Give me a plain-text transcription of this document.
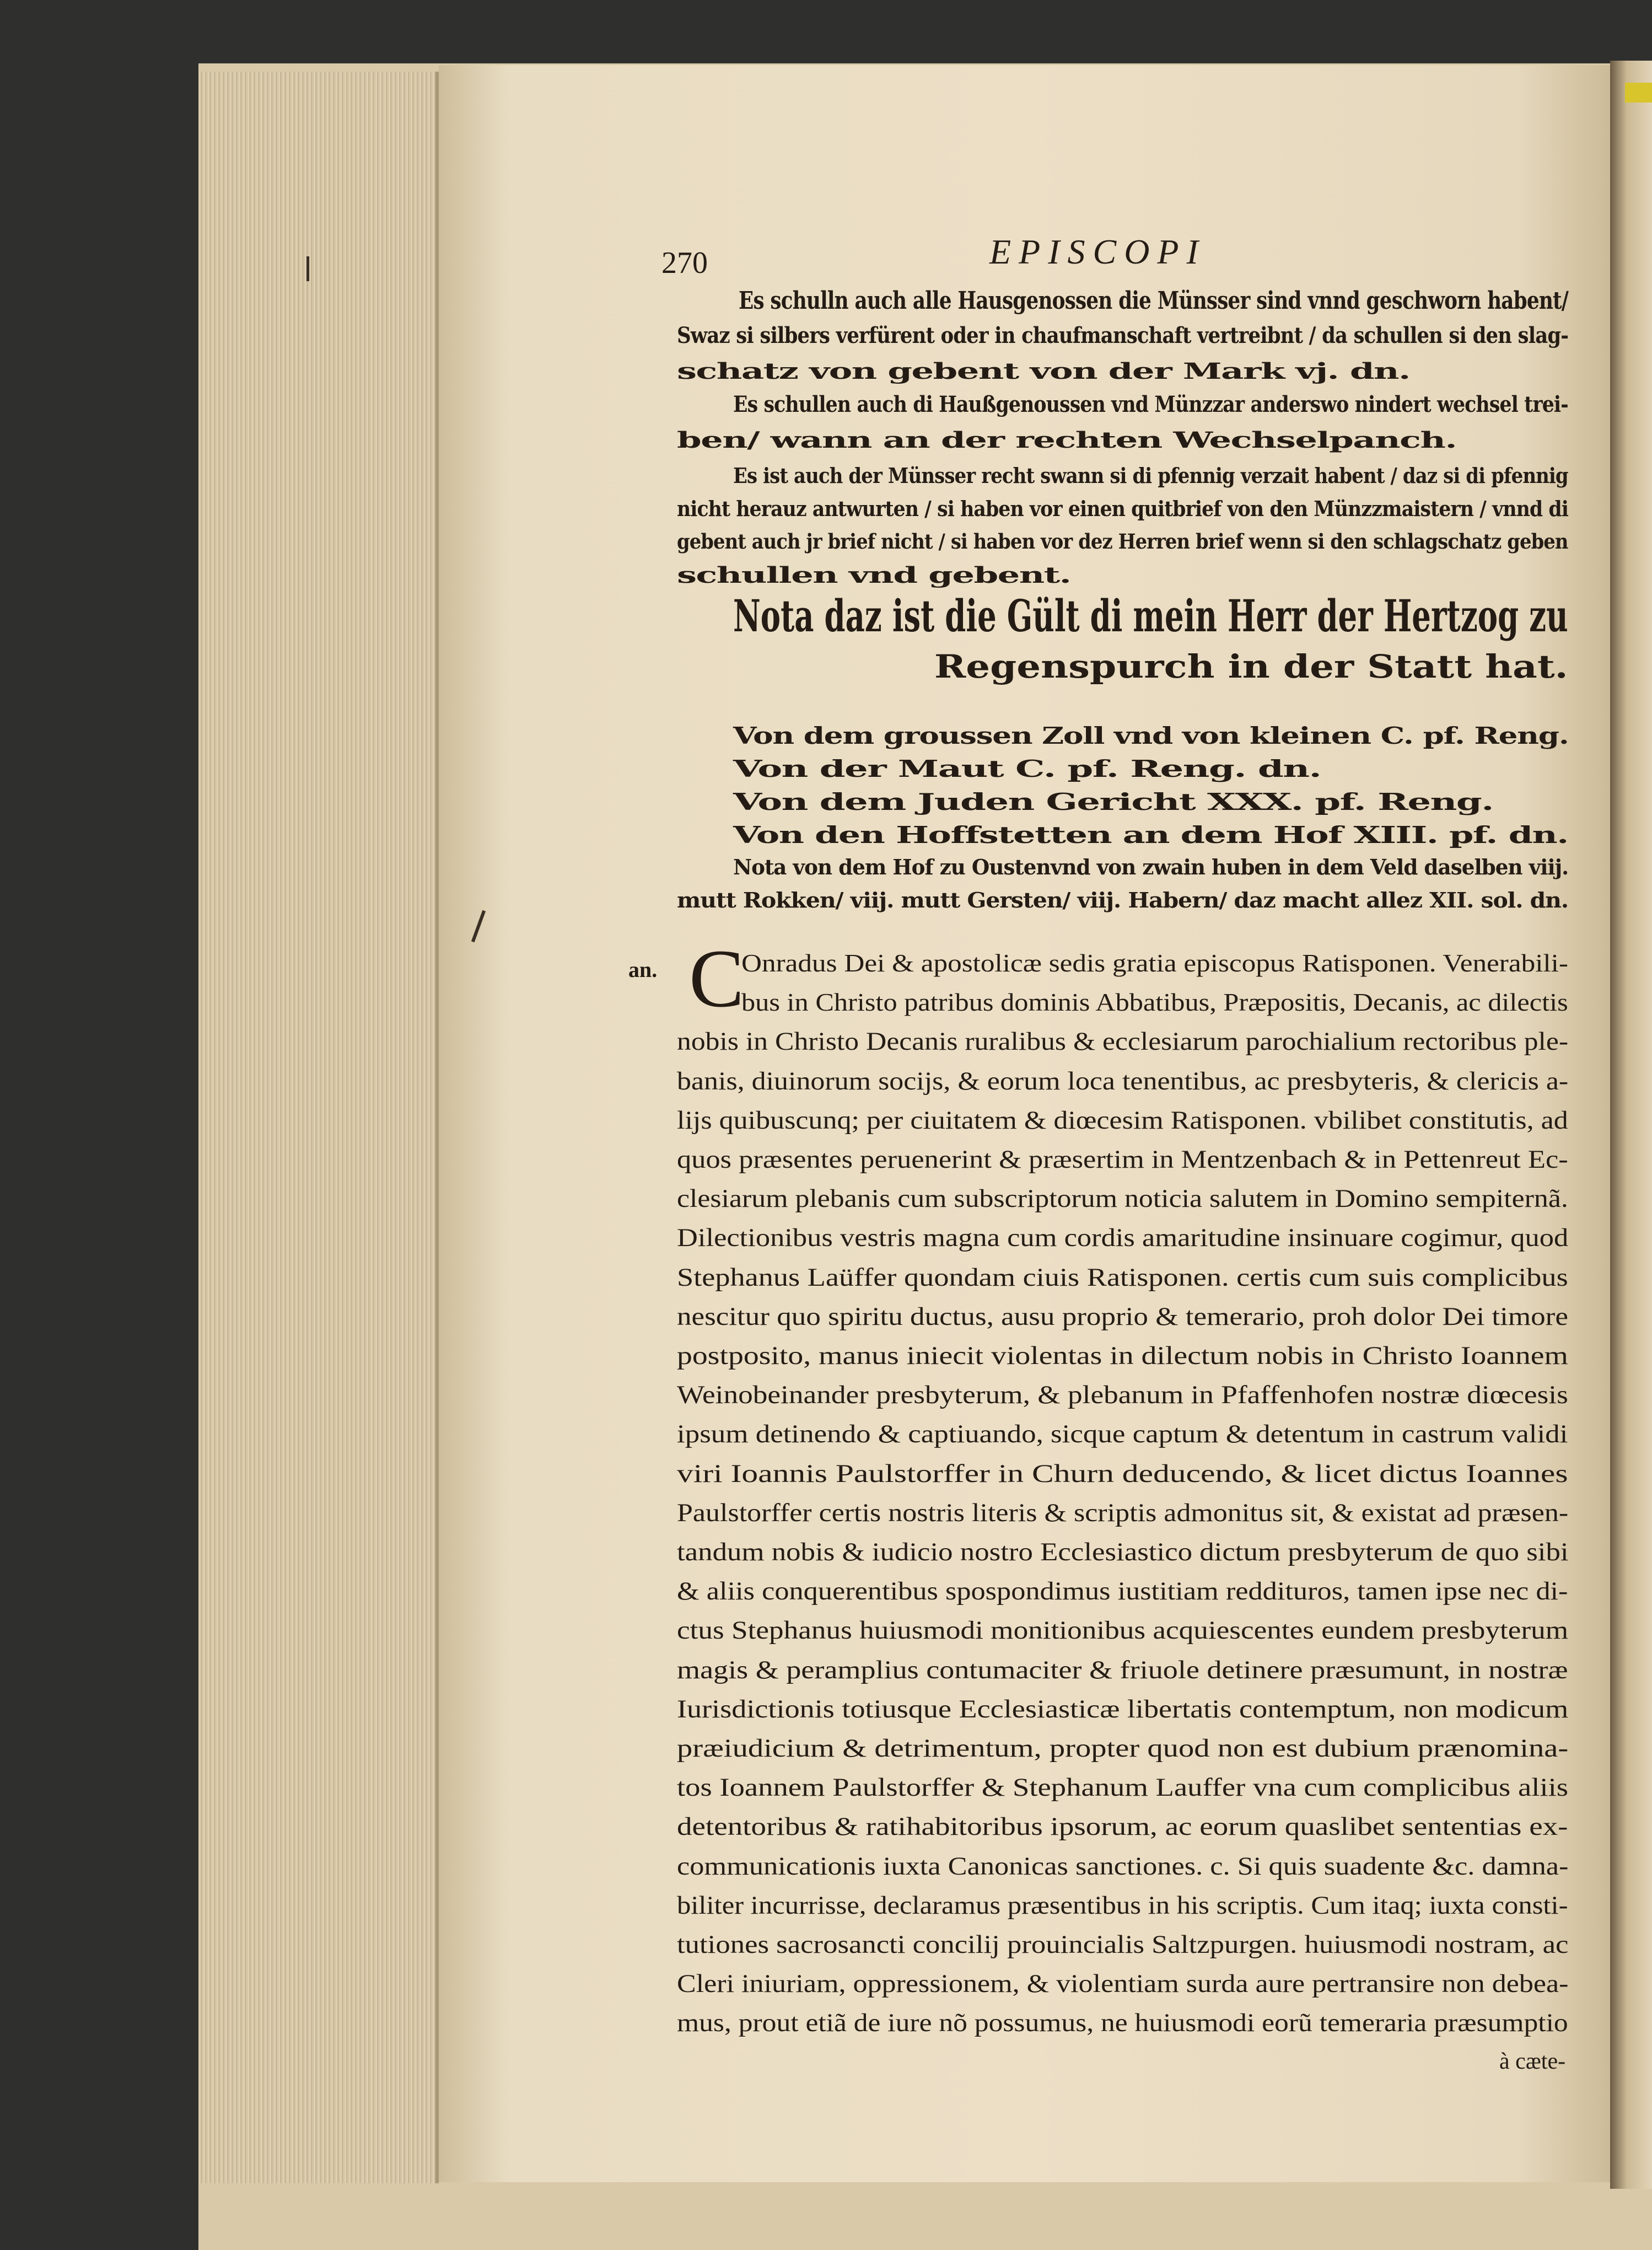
270	EPISCOPI
Es schulln auch alle Hausgenossen die Münsser sind vnnd geschworn habent/
Swaz si silbers verfürent oder in chaufmanschaft vertreibnt / da schullen si den slag-
schatz von gebent von der Mark vj. dn.
Es schullen auch di Haußgenoussen vnd Münzzar anderswo nindert wechsel trei-
ben/ wann an der rechten Wechselpanch.
Es ist auch der Münsser recht swann si di pfennig verzait habent / daz si di pfennig
nicht herauz antwurten / si haben vor einen quitbrief von den Münzzmaistern / vnnd di
gebent auch jr brief nicht / si haben vor dez Herren brief wenn si den schlagschatz geben
schullen vnd gebent.
Nota daz ist die Gült di mein Herr der Hertzog zu
Regenspurch in der Statt hat.
Von dem groussen Zoll vnd von kleinen C. pf. Reng.
Von der Maut C. pf. Reng. dn.
Von dem Juden Gericht XXX. pf. Reng.
Von den Hoffstetten an dem Hof XIII. pf. dn.
Nota von dem Hof zu Oustenvnd von zwain huben in dem Veld daselben viij.
mutt Rokken/ viij. mutt Gersten/ viij. Habern/ daz macht allez XII. sol. dn.
an. C
Onradus Dei & apostolicæ sedis gratia episcopus Ratisponen. Venerabili-
bus in Christo patribus dominis Abbatibus, Præpositis, Decanis, ac dilectis
nobis in Christo Decanis ruralibus & ecclesiarum parochialium rectoribus ple-
banis, diuinorum socijs, & eorum loca tenentibus, ac presbyteris, & clericis a-
lijs quibuscunq; per ciuitatem & diœcesim Ratisponen. vbilibet constitutis, ad
quos præsentes peruenerint & præsertim in Mentzenbach & in Pettenreut Ec-
clesiarum plebanis cum subscriptorum noticia salutem in Domino sempiternã.
Dilectionibus vestris magna cum cordis amaritudine insinuare cogimur, quod
Stephanus Laüffer quondam ciuis Ratisponen. certis cum suis complicibus
nescitur quo spiritu ductus, ausu proprio & temerario, proh dolor Dei timore
postposito, manus iniecit violentas in dilectum nobis in Christo Ioannem
Weinobeinander presbyterum, & plebanum in Pfaffenhofen nostræ diœcesis
ipsum detinendo & captiuando, sicque captum & detentum in castrum validi
viri Ioannis Paulstorffer in Churn deducendo, & licet dictus Ioannes
Paulstorffer certis nostris literis & scriptis admonitus sit, & existat ad præsen-
tandum nobis & iudicio nostro Ecclesiastico dictum presbyterum de quo sibi
& aliis conquerentibus spospondimus iustitiam reddituros, tamen ipse nec di-
ctus Stephanus huiusmodi monitionibus acquiescentes eundem presbyterum
magis & peramplius contumaciter & friuole detinere præsumunt, in nostræ
Iurisdictionis totiusque Ecclesiasticæ libertatis contemptum, non modicum
præiudicium & detrimentum, propter quod non est dubium prænomina-
tos Ioannem Paulstorffer & Stephanum Lauffer vna cum complicibus aliis
detentoribus & ratihabitoribus ipsorum, ac eorum quaslibet sententias ex-
communicationis iuxta Canonicas sanctiones. c. Si quis suadente &c. damna-
biliter incurrisse, declaramus præsentibus in his scriptis. Cum itaq; iuxta consti-
tutiones sacrosancti concilij prouincialis Saltzpurgen. huiusmodi nostram, ac
Cleri iniuriam, oppressionem, & violentiam surda aure pertransire non debea-
mus, prout etiã de iure nõ possumus, ne huiusmodi eorũ temeraria præsumptio
à cæte-
